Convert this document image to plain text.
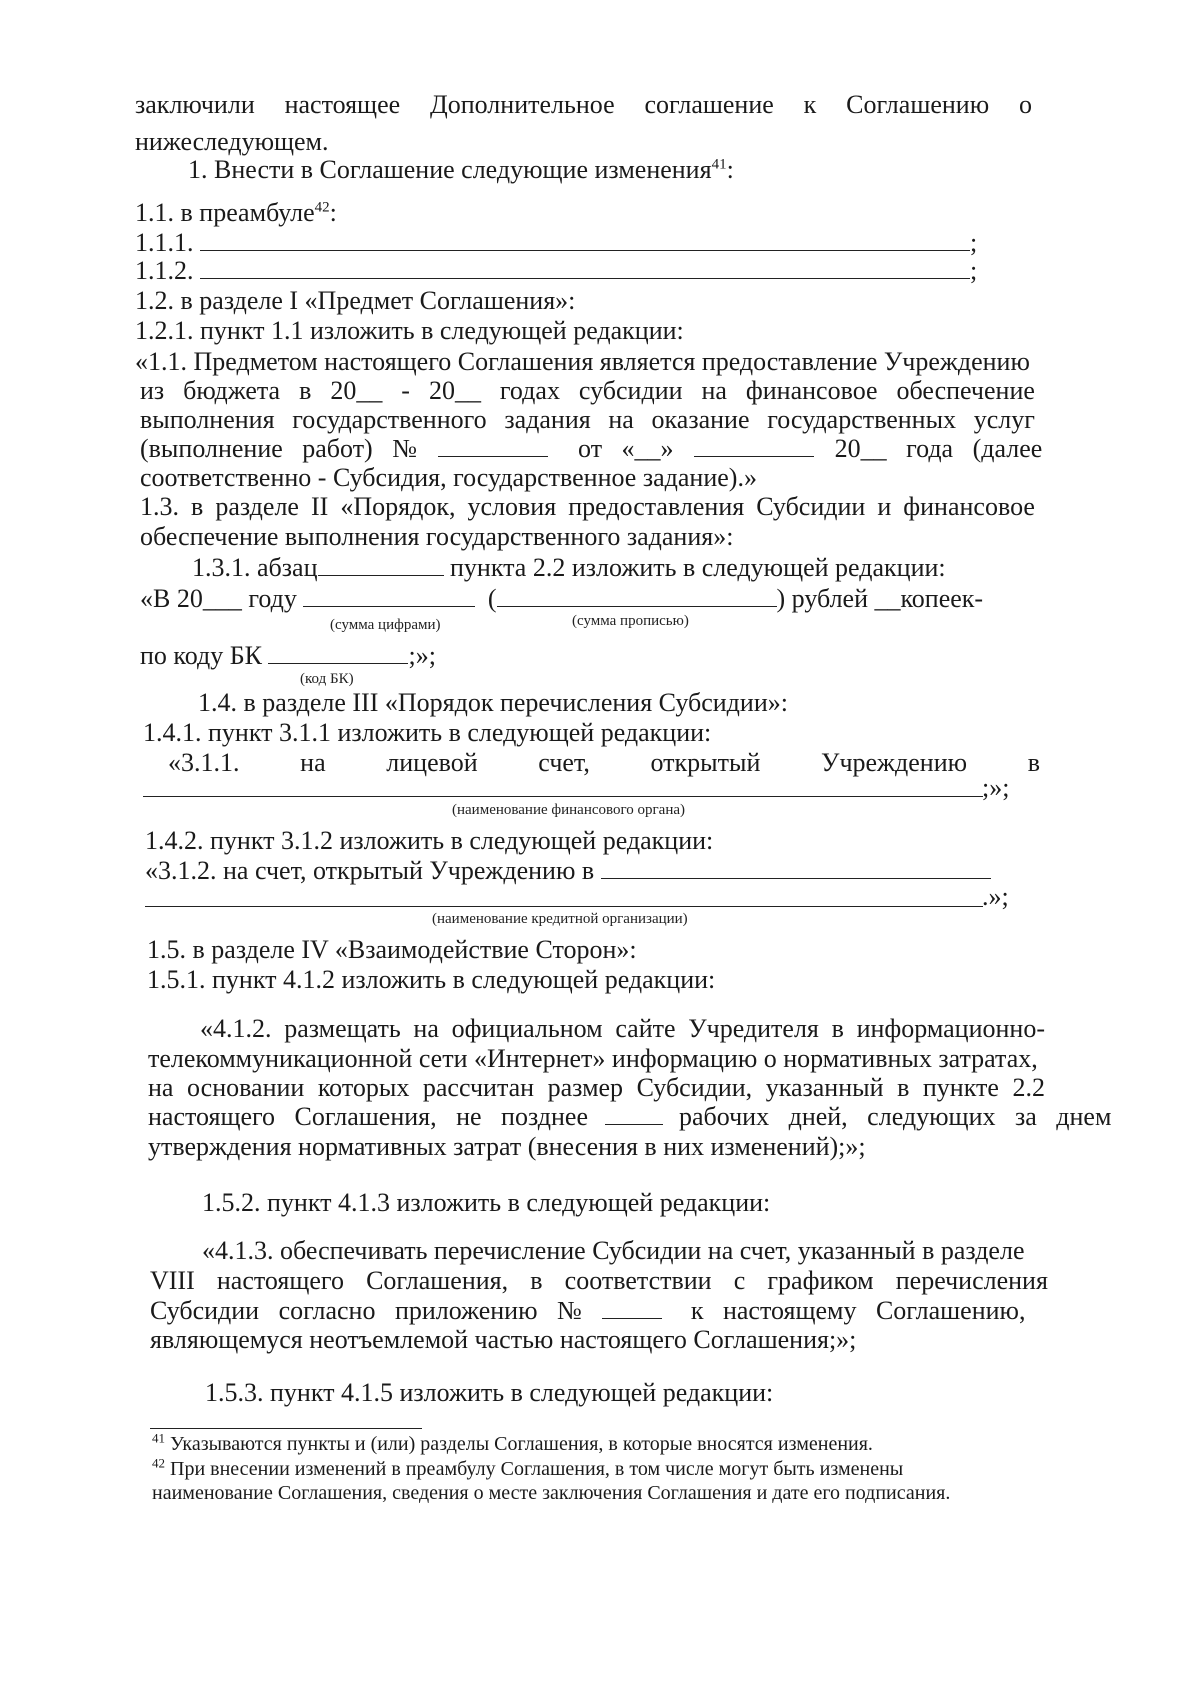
заключили настоящее Дополнительное соглашение к Соглашению о
нижеследующем.
1. Внести в Соглашение следующие изменения$^{41}$:
1.1. в преамбуле$^{42}$:
1.1.1.	;
1.1.2.	;
1.2. в разделе I «Предмет Соглашения»:
1.2.1. пункт 1.1 изложить в следующей редакции:
«1.1. Предметом настоящего Соглашения является предоставление Учреждению
из бюджета в 20__ - 20__ годах субсидии на финансовое обеспечение
выполнения государственного задания на оказание государственных услуг
(выполнение   работ)   №	от   «__»	20__   года   (далее
соответственно - Субсидия, государственное задание).»
1.3. в разделе II «Порядок, условия предоставления Субсидии и финансовое
обеспечение выполнения государственного задания»:
1.3.1. абзац	пункта 2.2 изложить в следующей редакции:
«В 20___ году	(	) рублей __копеек-
(сумма цифрами)	(сумма прописью)
по коду БК	;»;
(код БК)
1.4. в разделе III «Порядок перечисления Субсидии»:
1.4.1. пункт 3.1.1 изложить в следующей редакции:
«3.1.1. на лицевой счет, открытый Учреждению в
;»;
(наименование финансового органа)
1.4.2. пункт 3.1.2 изложить в следующей редакции:
«3.1.2. на счет, открытый Учреждению в
.»;
(наименование кредитной организации)
1.5. в разделе IV «Взаимодействие Сторон»:
1.5.1. пункт 4.1.2 изложить в следующей редакции:
«4.1.2. размещать на официальном сайте Учредителя в информационно-
телекоммуникационной сети «Интернет» информацию о нормативных затратах,
на основании которых рассчитан размер Субсидии, указанный в пункте 2.2
настоящего   Соглашения,   не   позднее	рабочих   дней,   следующих   за   днем
утверждения нормативных затрат (внесения в них изменений);»;
1.5.2. пункт 4.1.3 изложить в следующей редакции:
«4.1.3. обеспечивать перечисление Субсидии на счет, указанный в разделе
VIII настоящего Соглашения, в соответствии с графиком перечисления
Субсидии   согласно   приложению   №	к   настоящему   Соглашению,
являющемуся неотъемлемой частью настоящего Соглашения;»;
1.5.3. пункт 4.1.5 изложить в следующей редакции:
$^{41}$ Указываются пункты и (или) разделы Соглашения, в которые вносятся изменения.
$^{42}$ При внесении изменений в преамбулу Соглашения, в том числе могут быть изменены
наименование Соглашения, сведения о месте заключения Соглашения и дате его подписания.
